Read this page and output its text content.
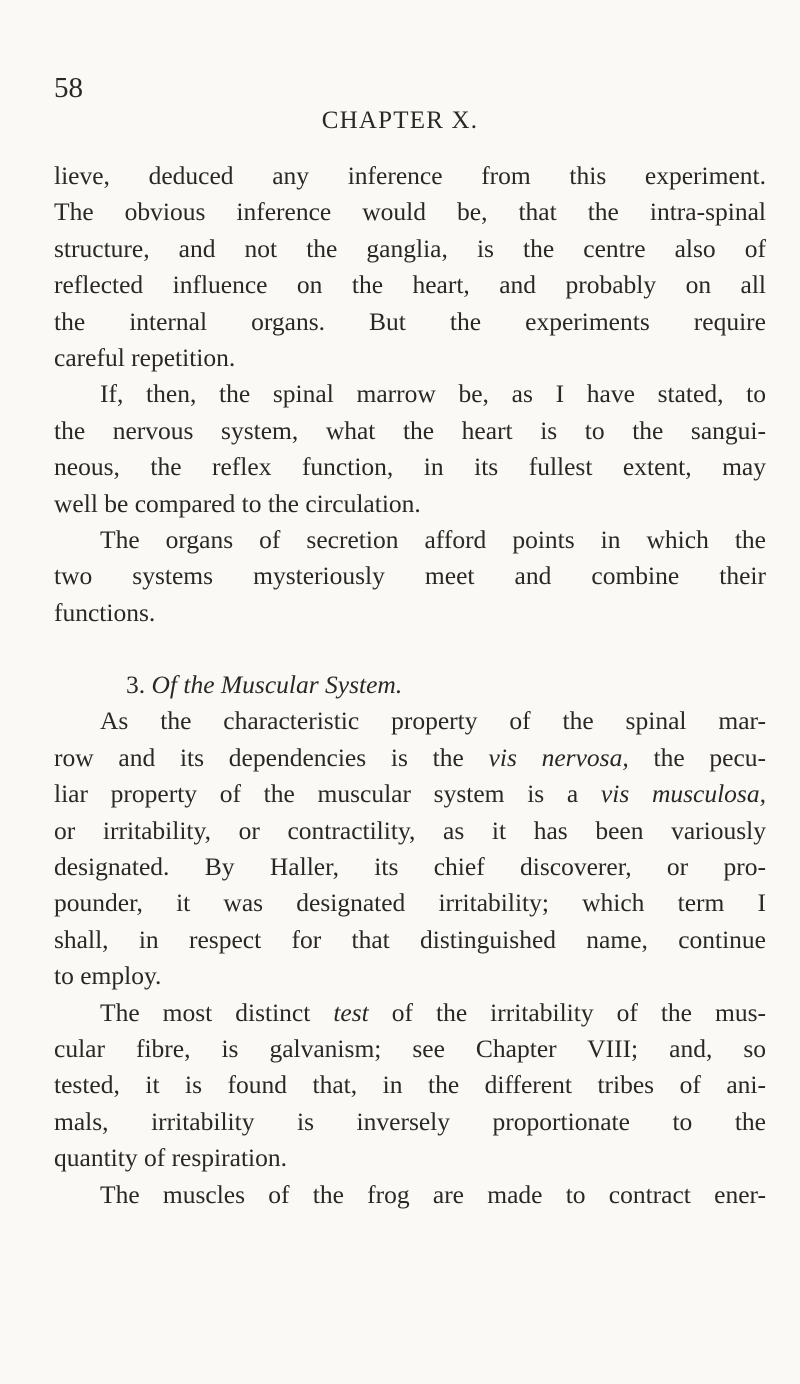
58
CHAPTER X.
lieve, deduced any inference from this experiment.
The obvious inference would be, that the intra-spinal
structure, and not the ganglia, is the centre also of
reflected influence on the heart, and probably on all
the internal organs. But the experiments require
careful repetition.
If, then, the spinal marrow be, as I have stated, to
the nervous system, what the heart is to the sangui-
neous, the reflex function, in its fullest extent, may
well be compared to the circulation.
The organs of secretion afford points in which the
two systems mysteriously meet and combine their
functions.
3. Of the Muscular System.
As the characteristic property of the spinal mar-
row and its dependencies is the vis nervosa, the pecu-
liar property of the muscular system is a vis musculosa,
or irritability, or contractility, as it has been variously
designated. By Haller, its chief discoverer, or pro-
pounder, it was designated irritability; which term I
shall, in respect for that distinguished name, continue
to employ.
The most distinct test of the irritability of the mus-
cular fibre, is galvanism; see Chapter VIII; and, so
tested, it is found that, in the different tribes of ani-
mals, irritability is inversely proportionate to the
quantity of respiration.
The muscles of the frog are made to contract ener-
